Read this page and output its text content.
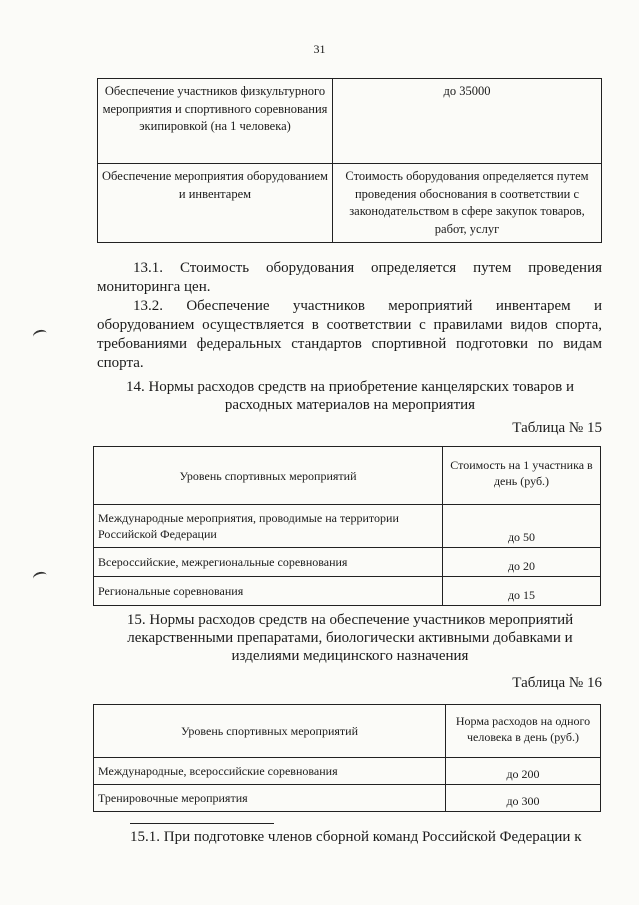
31
Обеспечение участников физкультурного мероприятия и спортивного соревнования экипировкой (на 1 человека)	до 35000
Обеспечение мероприятия оборудованием и инвентарем	Стоимость оборудования определяется путем проведения обоснования в соответствии с законодательством в сфере закупок товаров, работ, услуг
13.1. Стоимость оборудования определяется путем проведения
мониторинга цен.
13.2. Обеспечение участников мероприятий инвентарем и
оборудованием осуществляется в соответствии с правилами видов спорта, требованиями федеральных стандартов спортивной подготовки по видам спорта.
14. Нормы расходов средств на приобретение канцелярских товаров и
расходных материалов на мероприятия
Таблица № 15
Уровень спортивных мероприятий	Стоимость на 1 участника в день (руб.)
Международные мероприятия, проводимые на территории Российской Федерации	до 50
Всероссийские, межрегиональные соревнования	до 20
Региональные соревнования	до 15
15. Нормы расходов средств на обеспечение участников мероприятий
лекарственными препаратами, биологически активными добавками и
изделиями медицинского назначения
Таблица № 16
Уровень спортивных мероприятий	Норма расходов на одного человека в день (руб.)
Международные, всероссийские соревнования	до 200
Тренировочные мероприятия	до 300
15.1. При подготовке членов сборной команд Российской Федерации к
